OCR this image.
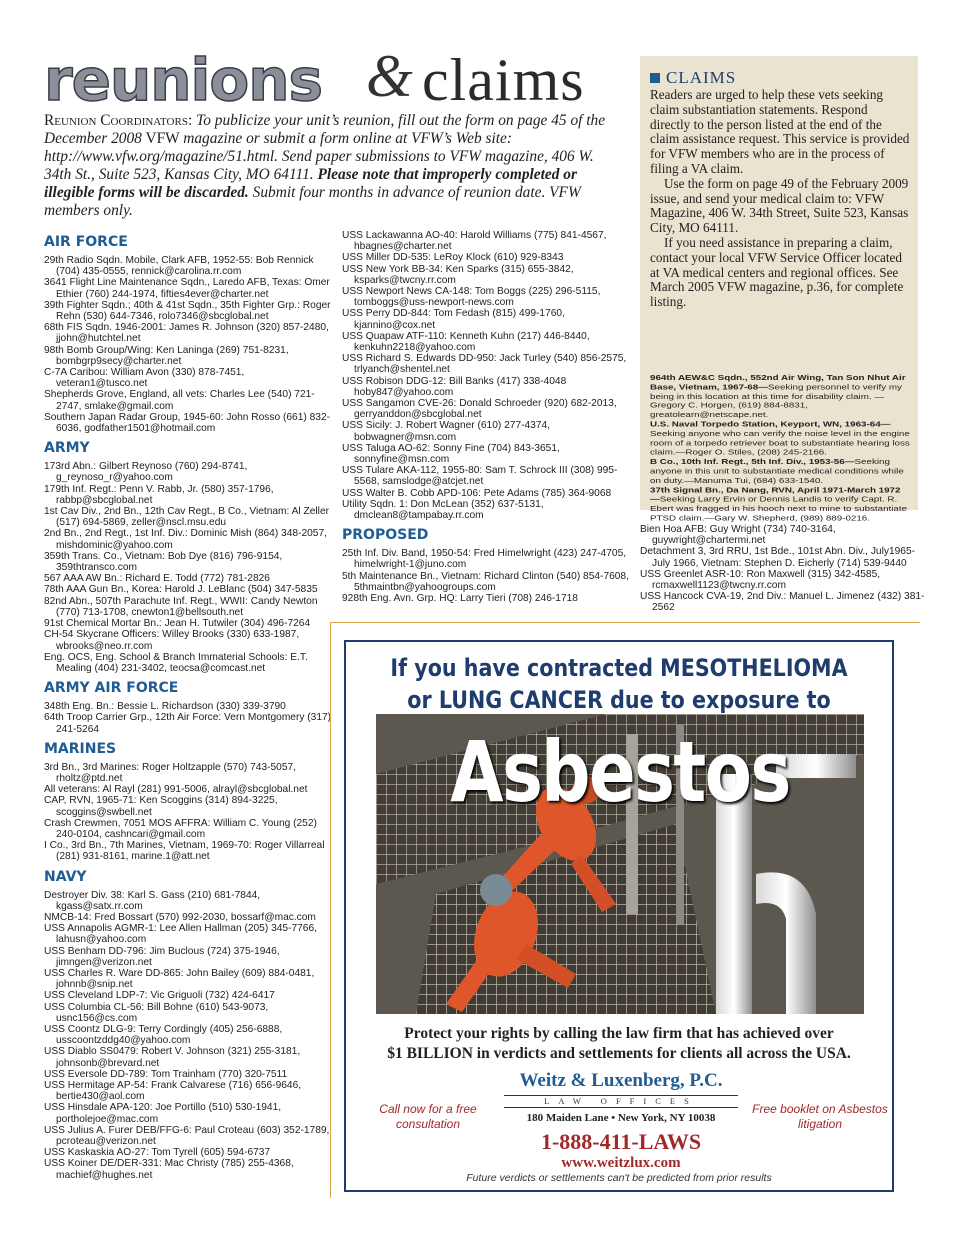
reunions & claims
Reunion Coordinators: To publicize your unit’s reunion, fill out the form on page 45 of the December 2008 VFW magazine or submit a form online at VFW’s Web site: http://www.vfw.org/magazine/51.html. Send paper submissions to VFW magazine, 406 W. 34th St., Suite 523, Kansas City, MO 64111. Please note that improperly completed or illegible forms will be discarded. Submit four months in advance of reunion date. VFW members only.
AIR FORCE
29th Radio Sqdn. Mobile, Clark AFB, 1952-55: Bob Rennick (704) 435-0555, rennick@carolina.rr.com
3641 Flight Line Maintenance Sqdn., Laredo AFB, Texas: Omer Ethier (760) 244-1974, fifties4ever@charter.net
39th Fighter Sqdn.; 40th & 41st Sqdn., 35th Fighter Grp.: Roger Rehn (530) 644-7346, rolo7346@sbcglobal.net
68th FIS Sqdn. 1946-2001: James R. Johnson (320) 857-2480, jjohn@hutchtel.net
98th Bomb Group/Wing: Ken Laninga (269) 751-8231, bombgrp9secy@charter.net
C-7A Caribou: William Avon (330) 878-7451, veteran1@tusco.net
Shepherds Grove, England, all vets: Charles Lee (540) 721-2747, smlake@gmail.com
Southern Japan Radar Group, 1945-60: John Rosso (661) 832-6036, godfather1501@hotmail.com
ARMY
173rd Abn.: Gilbert Reynoso (760) 294-8741, g_reynoso_r@yahoo.com
179th Inf. Regt.: Penn V. Rabb, Jr. (580) 357-1796, rabbp@sbcglobal.net
1st Cav Div., 2nd Bn., 12th Cav Regt., B Co., Vietnam: Al Zeller (517) 694-5869, zeller@nscl.msu.edu
2nd Bn., 2nd Regt., 1st Inf. Div.: Dominic Mish (864) 348-2057, mishdominic@yahoo.com
359th Trans. Co., Vietnam: Bob Dye (816) 796-9154, 359thtransco.com
567 AAA AW Bn.: Richard E. Todd (772) 781-2826
78th AAA Gun Bn., Korea: Harold J. LeBlanc (504) 347-5835
82nd Abn., 507th Parachute Inf. Regt., WWII: Candy Newton (770) 713-1708, cnewton1@bellsouth.net
91st Chemical Mortar Bn.: Jean H. Tutwiler (304) 496-7264
CH-54 Skycrane Officers: Willey Brooks (330) 633-1987, wbrooks@neo.rr.com
Eng. OCS, Eng. School & Branch Immaterial Schools: E.T. Mealing (404) 231-3402, teocsa@comcast.net
ARMY AIR FORCE
348th Eng. Bn.: Bessie L. Richardson (330) 339-3790
64th Troop Carrier Grp., 12th Air Force: Vern Montgomery (317) 241-5264
MARINES
3rd Bn., 3rd Marines: Roger Holtzapple (570) 743-5057, rholtz@ptd.net
All veterans: Al Rayl (281) 991-5006, alrayl@sbcglobal.net
CAP, RVN, 1965-71: Ken Scoggins (314) 894-3225, scoggins@swbell.net
Crash Crewmen, 7051 MOS AFFRA: William C. Young (252) 240-0104, cashncari@gmail.com
I Co., 3rd Bn., 7th Marines, Vietnam, 1969-70: Roger Villarreal (281) 931-8161, marine.1@att.net
NAVY
Destroyer Div. 38: Karl S. Gass (210) 681-7844, kgass@satx.rr.com
NMCB-14: Fred Bossart (570) 992-2030, bossarf@mac.com
USS Annapolis AGMR-1: Lee Allen Hallman (205) 345-7766, lahusn@yahoo.com
USS Benham DD-796: Jim Buclous (724) 375-1946, jimngen@verizon.net
USS Charles R. Ware DD-865: John Bailey (609) 884-0481, johnnb@snip.net
USS Cleveland LDP-7: Vic Griguoli (732) 424-6417
USS Columbia CL-56: Bill Bohne (610) 543-9073, usnc156@cs.com
USS Coontz DLG-9: Terry Cordingly (405) 256-6888, usscoontzddg40@yahoo.com
USS Diablo SS0479: Robert V. Johnson (321) 255-3181, johnsonb@brevard.net
USS Eversole DD-789: Tom Trainham (770) 320-7511
USS Hermitage AP-54: Frank Calvarese (716) 656-9646, bertie430@aol.com
USS Hinsdale APA-120: Joe Portillo (510) 530-1941, portholejoe@mac.com
USS Julius A. Furer DEB/FFG-6: Paul Croteau (603) 352-1789, pcroteau@verizon.net
USS Kaskaskia AO-27: Tom Tyrell (605) 594-6737
USS Koiner DE/DER-331: Mac Christy (785) 255-4368, machief@hughes.net
USS Lackawanna AO-40: Harold Williams (775) 841-4567, hbagnes@charter.net
USS Miller DD-535: LeRoy Klock (610) 929-8343
USS New York BB-34: Ken Sparks (315) 655-3842, ksparks@twcny.rr.com
USS Newport News CA-148: Tom Boggs (225) 296-5115, tomboggs@uss-newport-news.com
USS Perry DD-844: Tom Fedash (815) 499-1760, kjannino@cox.net
USS Quapaw ATF-110: Kenneth Kuhn (217) 446-8440, kenkuhn2218@yahoo.com
USS Richard S. Edwards DD-950: Jack Turley (540) 856-2575, trlyanch@shentel.net
USS Robison DDG-12: Bill Banks (417) 338-4048 hoby847@yahoo.com
USS Sangamon CVE-26: Donald Schroeder (920) 682-2013, gerryanddon@sbcglobal.net
USS Sicily: J. Robert Wagner (610) 277-4374, bobwagner@msn.com
USS Taluga AO-62: Sonny Fine (704) 843-3651, sonnyfine@msn.com
USS Tulare AKA-112, 1955-80: Sam T. Schrock III (308) 995-5568, samslodge@atcjet.net
USS Walter B. Cobb APD-106: Pete Adams (785) 364-9068
Utility Sqdn. 1: Don McLean (352) 637-5131, dmclean8@tampabay.rr.com
PROPOSED
25th Inf. Div. Band, 1950-54: Fred Himelwright (423) 247-4705, himelwright-1@juno.com
5th Maintenance Bn., Vietnam: Richard Clinton (540) 854-7608, 5thmaintbn@yahoogroups.com
928th Eng. Avn. Grp. HQ: Larry Tieri (708) 246-1718
CLAIMS

Readers are urged to help these vets seeking claim substantiation statements. Respond directly to the person listed at the end of the claim assistance request. This service is provided for VFW members who are in the process of filing a VA claim.

Use the form on page 49 of the February 2009 issue, and send your medical claim to: VFW Magazine, 406 W. 34th Street, Suite 523, Kansas City, MO 64111.

If you need assistance in preparing a claim, contact your local VFW Service Officer located at VA medical centers and regional offices. See March 2005 VFW magazine, p.36, for complete listing.

964th AEW&C Sqdn., 552nd Air Wing, Tan Son Nhut Air Base, Vietnam, 1967-68—Seeking personnel to verify my being in this location at this time for disability claim. —Gregory C. Horgen, (619) 884-8831, greatolearn@netscape.net.
U.S. Naval Torpedo Station, Keyport, WN, 1963-64—Seeking anyone who can verify the noise level in the engine room of a torpedo retriever boat to substantiate hearing loss claim.—Roger O. Stiles, (208) 245-2166.
B Co., 10th Inf. Regt., 5th Inf. Div., 1953-56—Seeking anyone in this unit to substantiate medical conditions while on duty.—Manuma Tui, (684) 633-1540.
37th Signal Bn., Da Nang, RVN, April 1971-March 1972—Seeking Larry Ervin or Dennis Landis to verify Capt. R. Ebert was fragged in his hooch next to mine to substantiate PTSD claim.—Gary W. Shepherd, (989) 889-0216.
Bien Hoa AFB: Guy Wright (734) 740-3164, guywright@chartermi.net
Detachment 3, 3rd RRU, 1st Bde., 101st Abn. Div., July1965-July 1966, Vietnam: Stephen D. Eicherly (714) 539-9440
USS Greenlet ASR-10: Ron Maxwell (315) 342-4585, rcmaxwell1123@twcny.rr.com
USS Hancock CVA-19, 2nd Div.: Manuel L. Jimenez (432) 381-2562
If you have contracted MESOTHELIOMA
or LUNG CANCER due to exposure to
Asbestos
Protect your rights by calling the law firm that has achieved over
$1 BILLION in verdicts and settlements for clients all across the USA.
Call now for a free consultation
Weitz & Luxenberg, P.C.
LAW OFFICES
180 Maiden Lane • New York, NY 10038
1-888-411-LAWS
www.weitzlux.com
Free booklet on Asbestos litigation
Future verdicts or settlements can't be predicted from prior results
